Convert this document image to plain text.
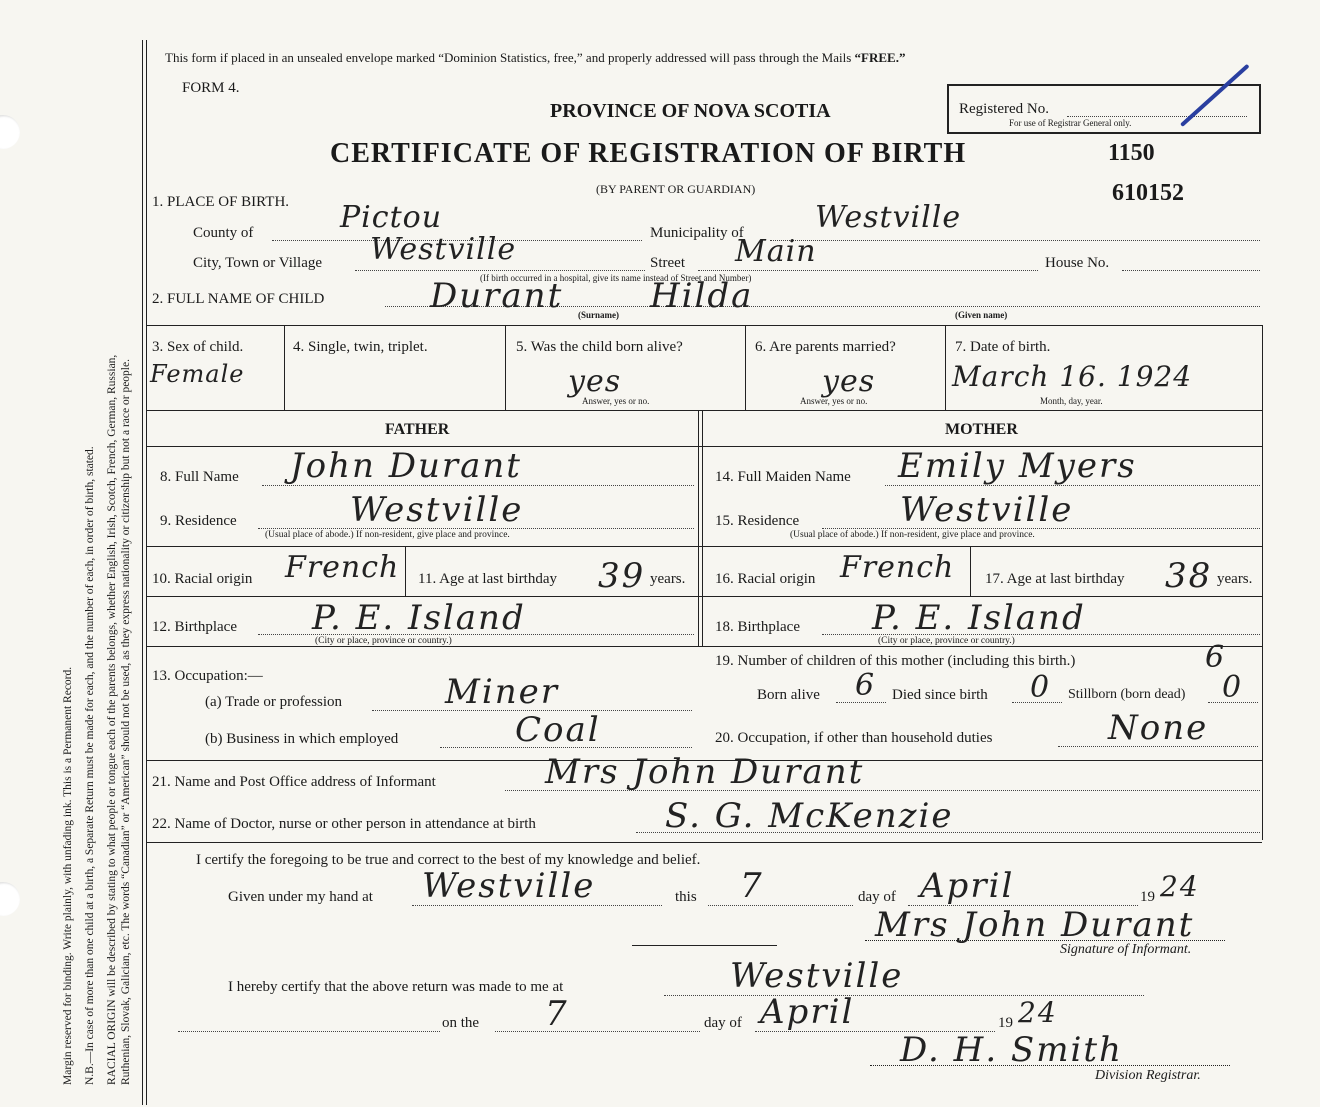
Margin reserved for binding. Write plainly, with unfading ink. This is a Permanent Record. N.B.—In case of more than one child at a birth, a Separate Return must be made for each, and the number of each, in order of birth, stated. RACIAL ORIGIN will be described by stating to what people or tongue each of the parents belongs, whether English, Irish, Scotch, French, German, Russian, Ruthenian, Slovak, Galician, etc. The words “Canadian” or “American” should not be used, as they express nationality or citizenship but not a race or people.
This form if placed in an unsealed envelope marked “Dominion Statistics, free,” and properly addressed will pass through the Mails “FREE.”
FORM 4.
PROVINCE OF NOVA SCOTIA
CERTIFICATE OF REGISTRATION OF BIRTH
(BY PARENT OR GUARDIAN)
Registered No.
For use of Registrar General only.
1150
610152
1. PLACE OF BIRTH.
County of	Pictou	Municipality of Westville
City, Town or Village Westville	Street Main	House No.
(If birth occurred in a hospital, give its name instead of Street and Number)
2. FULL NAME OF CHILD	Durant	Hilda
(Surname)	(Given name)
3. Sex of child.
Female
4. Single, twin, triplet.	5. Was the child born alive?
yes
Answer, yes or no.
6. Are parents married?
yes
Answer, yes or no.
7. Date of birth.
March 16. 1924
Month, day, year.
FATHER	MOTHER
8. Full Name John Durant	14. Full Maiden Name Emily Myers
9. Residence	Westville
(Usual place of abode.) If non-resident, give place and province.
15. Residence	Westville
(Usual place of abode.) If non-resident, give place and province.
10. Racial origin French 11. Age at last birthday 39 years. 16. Racial origin French 17. Age at last birthday 38 years.
12. Birthplace P. E. Island
(City or place, province or country.)
18. Birthplace P. E. Island
(City or place, province or country.)
13. Occupation:—
(a) Trade or profession	Miner
(b) Business in which employed	Coal
19. Number of children of this mother (including this birth.)	6
Born alive 6 Died since birth 0 Stillborn (born dead) 0
20. Occupation, if other than household duties	None
21. Name and Post Office address of Informant	Mrs John Durant
22. Name of Doctor, nurse or other person in attendance at birth	S. G. McKenzie
I certify the foregoing to be true and correct to the best of my knowledge and belief.
Given under my hand at Westville	this 7	day of April	19 24
Mrs John Durant
Signature of Informant.
I hereby certify that the above return was made to me at	Westville
on the 7	day of April	19 24
D. H. Smith
Division Registrar.
